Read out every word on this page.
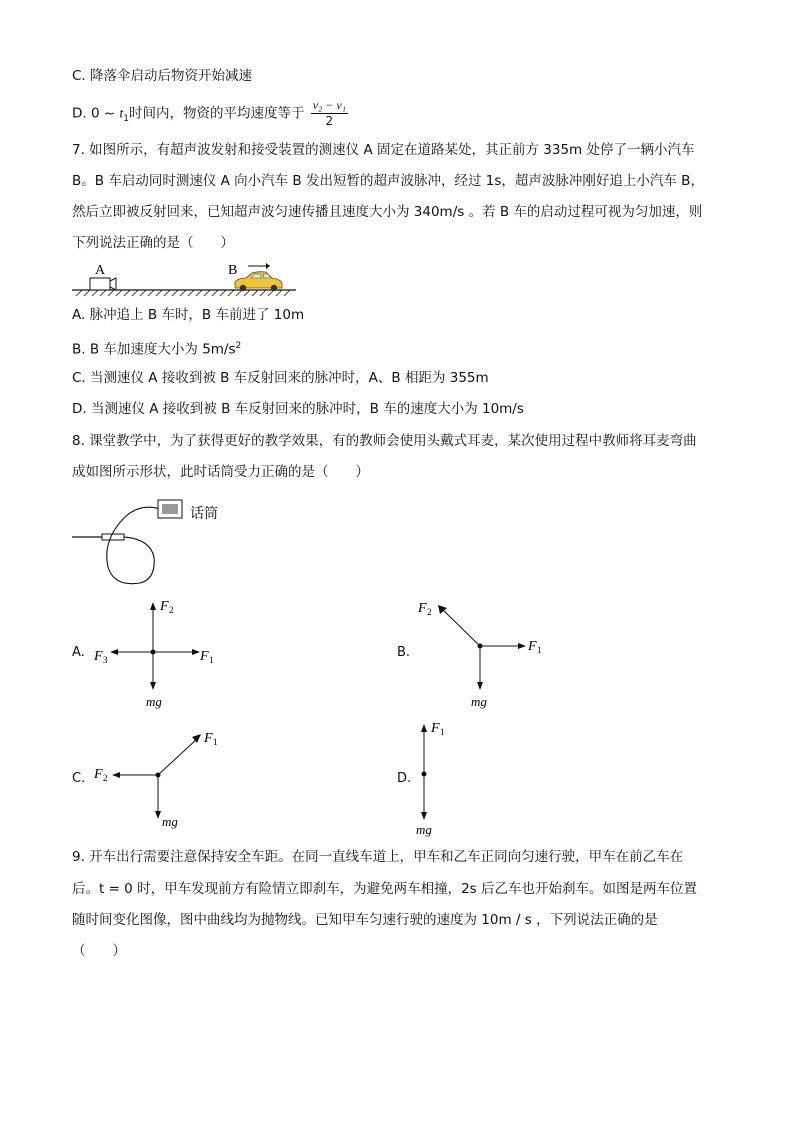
C. 降落伞启动后物资开始减速
D. 0 ~ $t_1$时间内，物资的平均速度等于 $\frac{\text{v₂ − v₁}}{2}$
7. 如图所示，有超声波发射和接受装置的测速仪 A 固定在道路某处，其正前方 335m 处停了一辆小汽车
B。B 车启动同时测速仪 A 向小汽车 B 发出短暂的超声波脉冲，经过 1s，超声波脉冲刚好追上小汽车 B，
然后立即被反射回来，已知超声波匀速传播且速度大小为 340m/s 。若 B 车的启动过程可视为匀加速，则
下列说法正确的是（　　）
A	B
A. 脉冲追上 B 车时，B 车前进了 10m
B. B 车加速度大小为 $5m/s^2$
C. 当测速仪 A 接收到被 B 车反射回来的脉冲时，A、B 相距为 355m
D. 当测速仪 A 接收到被 B 车反射回来的脉冲时，B 车的速度大小为 10m/s
8. 课堂教学中，为了获得更好的教学效果，有的教师会使用头戴式耳麦，某次使用过程中教师将耳麦弯曲
成如图所示形状，此时话筒受力正确的是（　　）
话筒
A.
F 2
F 1
F 3
mg
B.
F 2
F 1
mg
C.
F 1
F 2
mg
D.
F 1
mg
9. 开车出行需要注意保持安全车距。在同一直线车道上，甲车和乙车正同向匀速行驶，甲车在前乙车在
后。t = 0 时，甲车发现前方有险情立即刹车，为避免两车相撞，2s 后乙车也开始刹车。如图是两车位置
随时间变化图像，图中曲线均为抛物线。已知甲车匀速行驶的速度为 10m / s ，下列说法正确的是
（　　）
